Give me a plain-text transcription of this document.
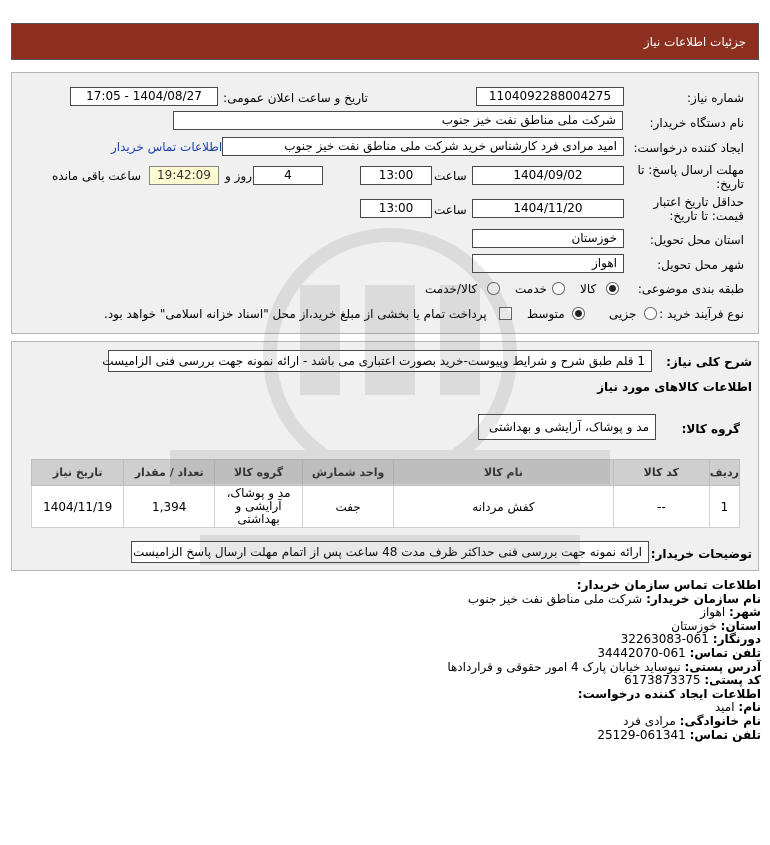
جزئیات اطلاعات نیاز
شماره نیاز:
1104092288004275
تاریخ و ساعت اعلان عمومی:
1404/08/27 - 17:05
نام دستگاه خریدار:
شرکت ملی مناطق نفت خیز جنوب
ایجاد کننده درخواست:
امید مرادی فرد کارشناس خرید شرکت ملی مناطق نفت خیز جنوب
اطلاعات تماس خریدار
مهلت ارسال پاسخ: تا
تاریخ:
1404/09/02
ساعت
13:00
4
روز و
19:42:09
ساعت باقی مانده
حداقل تاریخ اعتبار
قیمت: تا تاریخ:
1404/11/20
ساعت
13:00
استان محل تحویل:
خوزستان
شهر محل تحویل:
اهواز
طبقه بندی موضوعی:
کالا
خدمت
کالا/خدمت
نوع فرآیند خرید :
جزیی
متوسط
پرداخت تمام یا بخشی از مبلغ خرید،از محل "اسناد خزانه اسلامی" خواهد بود.
شرح کلی نیاز:
1 قلم طبق شرح و شرایط وپیوست-خرید بصورت اعتباری می باشد - ارائه نمونه جهت بررسی فنی الزامیست
اطلاعات کالاهای مورد نیاز
گروه کالا:
مد و پوشاک، آرایشی و بهداشتی
ردیف	کد کالا	نام کالا	واحد شمارش	گروه کالا	تعداد / مقدار	تاریخ نیاز
1	--	کفش مردانه	جفت	مد و پوشاک، آرایشی و بهداشتی	1,394	1404/11/19
توضیحات خریدار:
ارائه نمونه جهت بررسی فنی حداکثر ظرف مدت 48 ساعت پس از اتمام مهلت ارسال پاسخ الزامیست
اطلاعات تماس سازمان خریدار:
نام سازمان خریدار: شرکت ملی مناطق نفت خیز جنوب
شهر: اهواز
استان: خوزستان
دورنگار: 061-32263083
تلفن تماس: 061-34442070
آدرس پستی: نیوساید خیابان پارک 4 امور حقوقی و قراردادها
کد پستی: 6173873375
اطلاعات ایجاد کننده درخواست:
نام: امید
نام خانوادگی: مرادی فرد
تلفن تماس: 061341-25129
